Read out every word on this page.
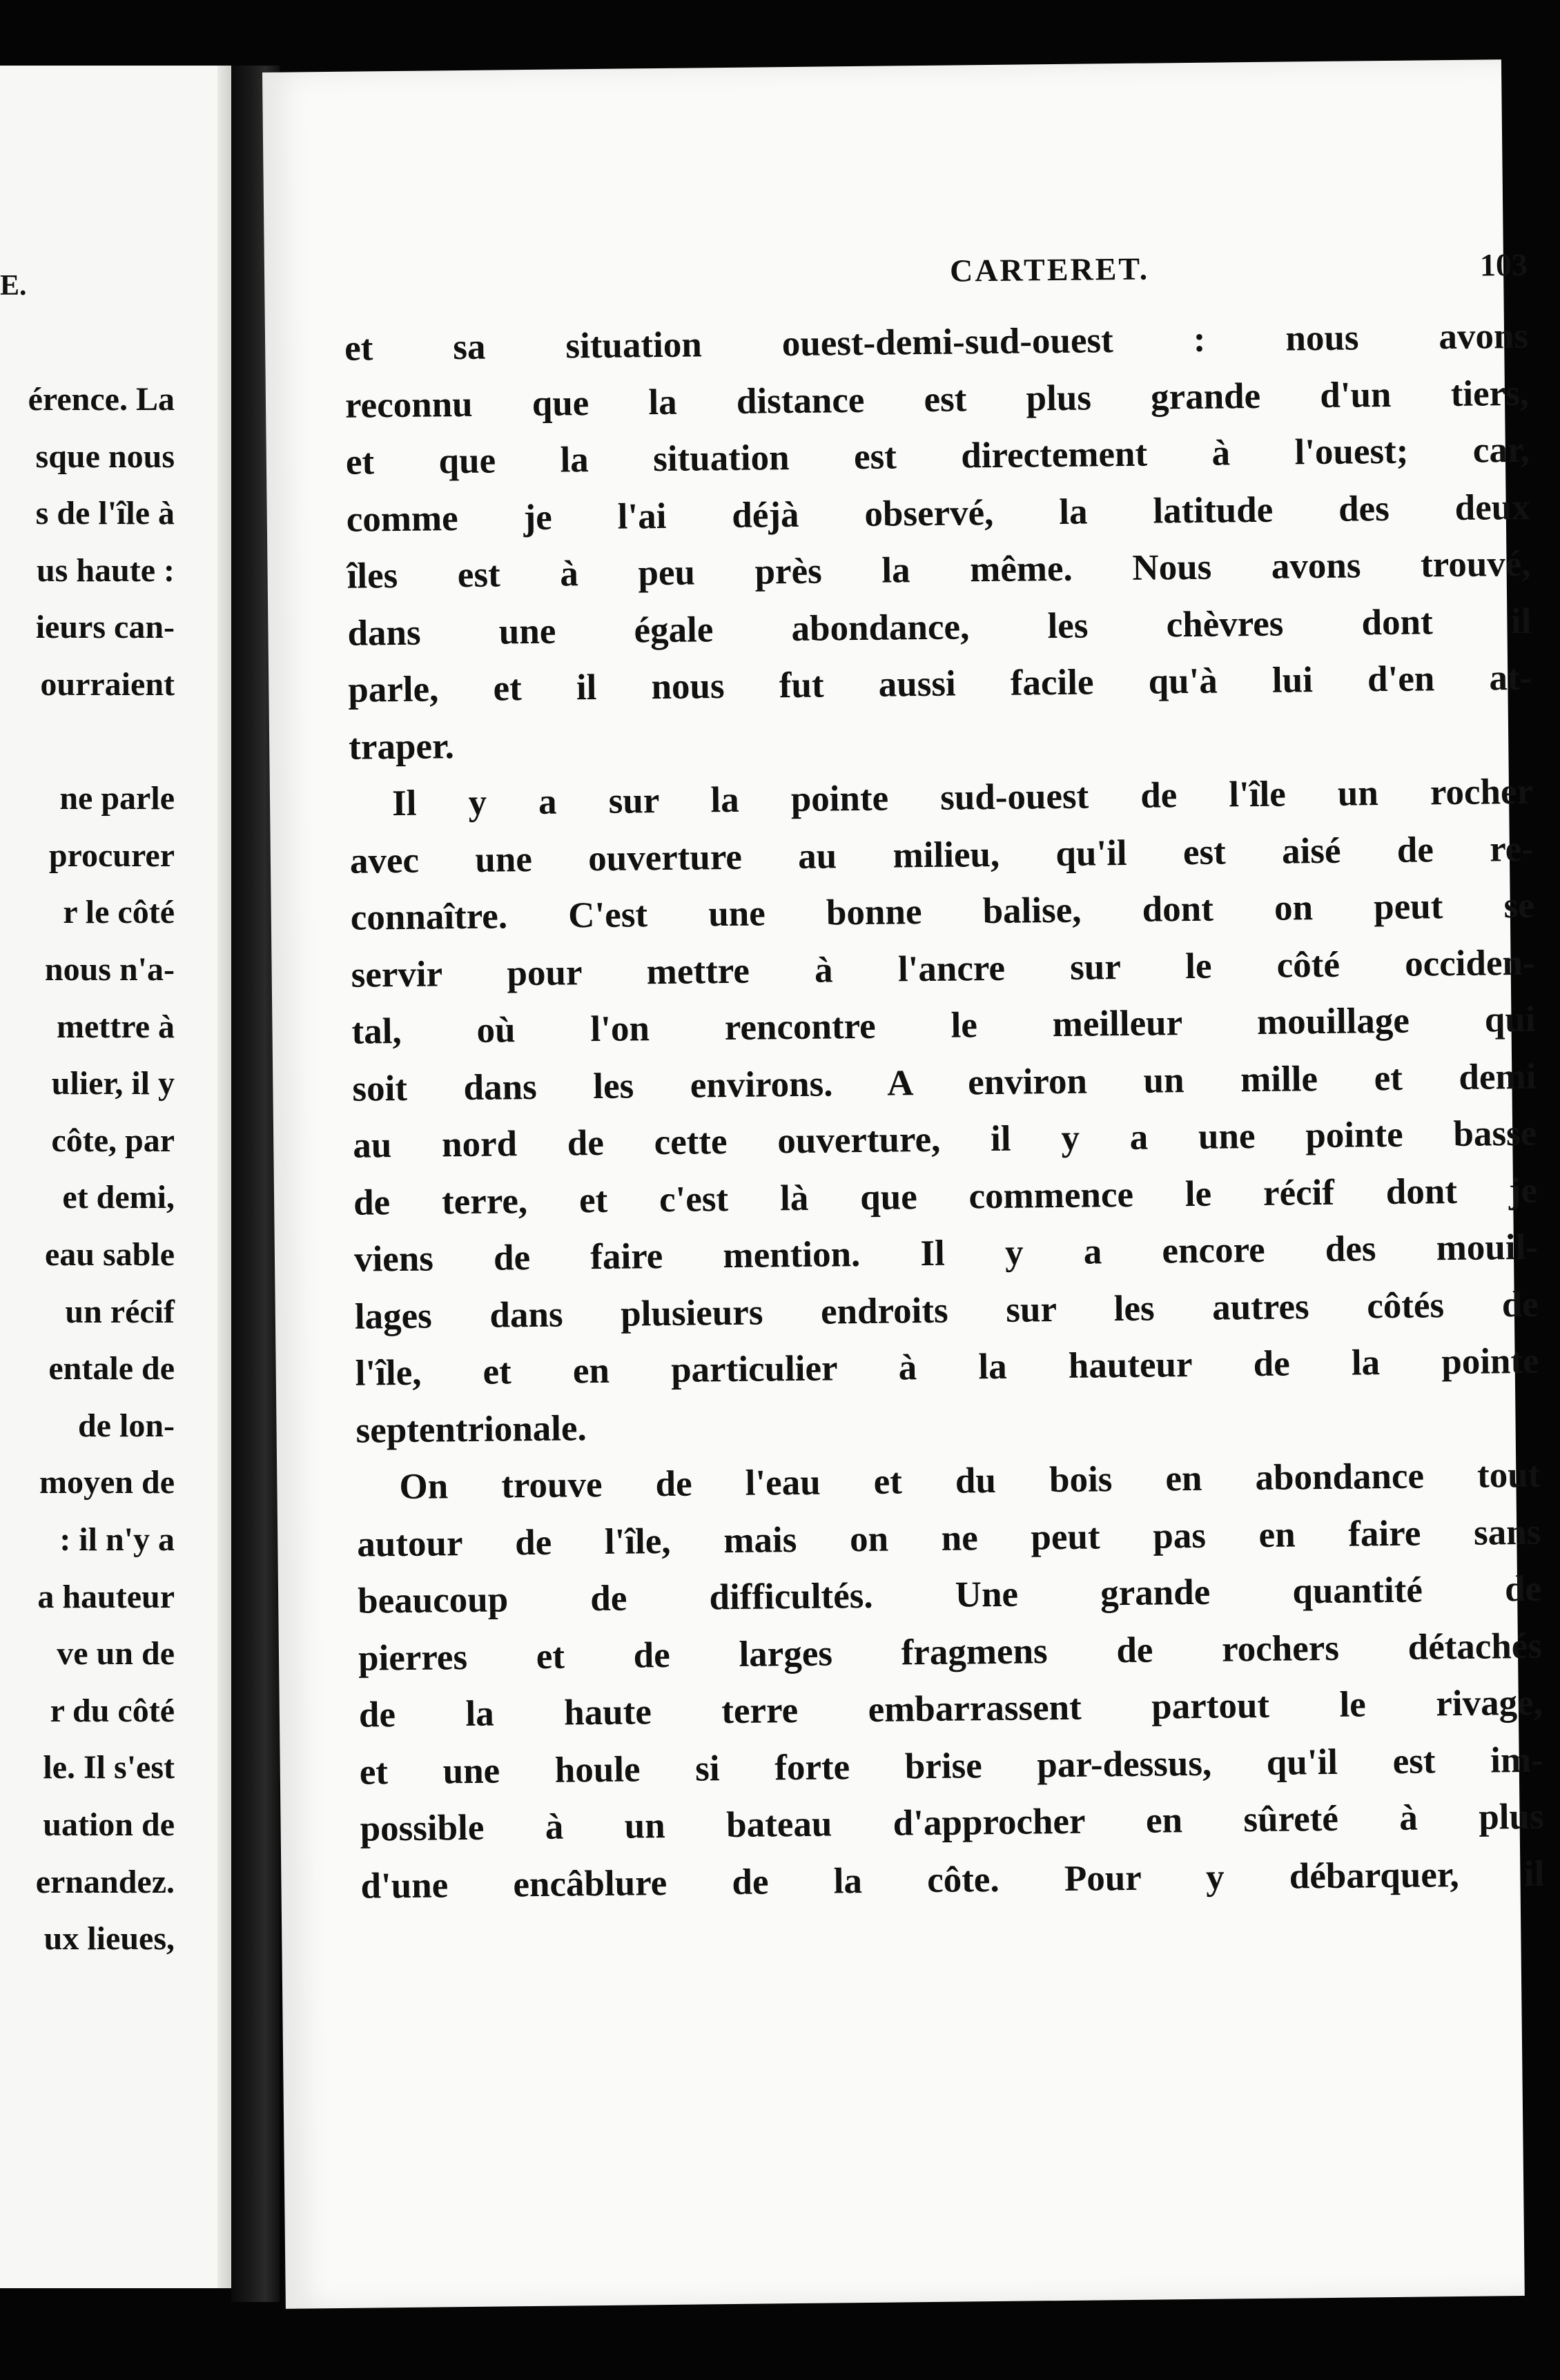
E.
érence. La
sque nous
s de l'île à
us haute :
ieurs can-
ourraient
ne parle
procurer
r le côté
nous n'a-
mettre à
ulier, il y
côte, par
et demi,
eau sable
un récif
entale de
de lon-
moyen de
: il n'y a
a hauteur
ve un de
r du côté
le. Il s'est
uation de
ernandez.
ux lieues,
CARTERET.	103
et sa situation ouest-demi-sud-ouest : nous avons
reconnu que la distance est plus grande d'un tiers,
et que la situation est directement à l'ouest; car,
comme je l'ai déjà observé, la latitude des deux
îles est à peu près la même. Nous avons trouvé,
dans une égale abondance, les chèvres dont il
parle, et il nous fut aussi facile qu'à lui d'en at-
traper.
Il y a sur la pointe sud-ouest de l'île un rocher
avec une ouverture au milieu, qu'il est aisé de re-
connaître. C'est une bonne balise, dont on peut se
servir pour mettre à l'ancre sur le côté occiden-
tal, où l'on rencontre le meilleur mouillage qui
soit dans les environs. A environ un mille et demi
au nord de cette ouverture, il y a une pointe basse
de terre, et c'est là que commence le récif dont je
viens de faire mention. Il y a encore des mouil-
lages dans plusieurs endroits sur les autres côtés de
l'île, et en particulier à la hauteur de la pointe
septentrionale.
On trouve de l'eau et du bois en abondance tout
autour de l'île, mais on ne peut pas en faire sans
beaucoup de difficultés. Une grande quantité de
pierres et de larges fragmens de rochers détachés
de la haute terre embarrassent partout le rivage,
et une houle si forte brise par-dessus, qu'il est im-
possible à un bateau d'approcher en sûreté à plus
d'une encâblure de la côte. Pour y débarquer, il
